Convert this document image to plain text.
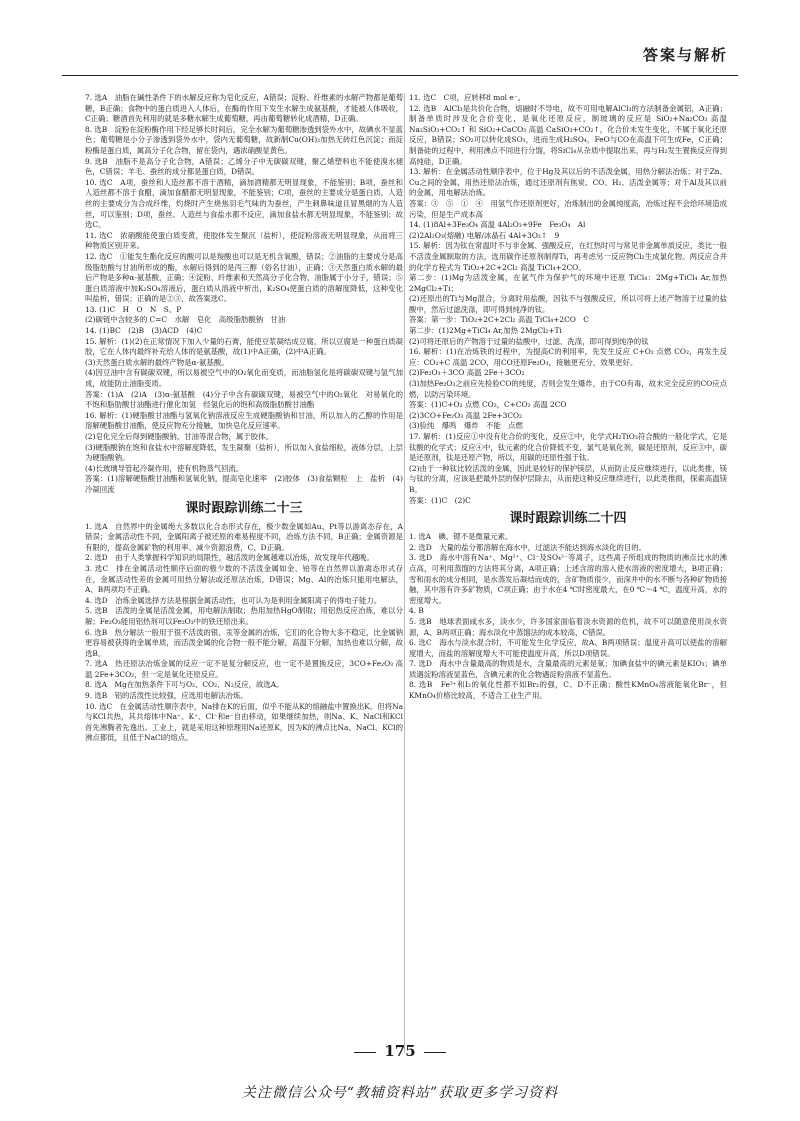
答案与解析

7. 选A　油脂在碱性条件下的水解反应称为皂化反应，A错误；淀粉、纤维素的水解产物都是葡萄糖，B正确；食物中的蛋白质进入人体后，在酶的作用下发生水解生成氨基酸，才能被人体吸收，C正确；糖酒首先利用的就是多糖水解生成葡萄糖，再由葡萄糖转化成酒精，D正确。

8. 选B　淀粉在淀粉酶作用下经足够长时间后，完全水解为葡萄糖渗透到袋外水中，故碘水不显蓝色；葡萄糖是小分子渗透到袋外水中，袋内无葡萄糖，故新制Cu(OH)₂加热无砖红色沉淀；而淀粉酶是蛋白质，属高分子化合物，留在袋内，遇浓硝酸显黄色。

9. 选B　油脂不是高分子化合物，A错误；乙烯分子中无碳碳双键，聚乙烯塑料也不能使溴水褪色，C错误；羊毛、蚕丝的成分都是蛋白质，D错误。

10. 选C　A项，蚕丝和人造丝都不溶于酒精，滴加酒精都无明显现象，不能鉴别；B项，蚕丝和人造丝都不溶于食醋，滴加食醋都无明显现象，不能鉴别；C项，蚕丝的主要成分是蛋白质，人造丝的主要成分为合成纤维，灼烧时产生烧焦羽毛气味的为蚕丝，产生刺鼻味道且冒黑烟的为人造丝，可以鉴别；D项，蚕丝、人造丝与食盐水都不反应，滴加食盐水都无明显现象，不能鉴别；故选C。

11. 选C　浓硝酸能使蛋白质变黄，使胶体发生聚沉（盐析），使淀粉溶液无明显现象，从而将三种物质区别开来。

12. 选C　①能发生酯化反应的酸可以是羧酸也可以是无机含氧酸，错误；②油脂的主要成分是高级脂肪酸与甘油所形成的酯，水解后得到的是丙三醇（俗名甘油），正确；③天然蛋白质水解的最后产物是多种α-氨基酸，正确；④淀粉、纤维素和天然高分子化合物，油脂属于小分子，错误；⑤蛋白质溶液中加K₂SO₄溶液后，蛋白质从溶液中析出，K₂SO₄使蛋白质的溶解度降低，这种变化叫盐析，错误；正确的是②③，故答案选C。

13. (1)C　H　O　N　S、P

(2)碳链中含较多的 C=C　水解　皂化　高级脂肪酸钠　甘油

14. (1)BC　(2)B　(3)ACD　(4)C

15. 解析：(1)(2)在正常情况下加入少量的石膏，能使豆浆凝结成豆腐，所以豆腐是一种蛋白质凝胶，它在人体内最终补充给人体的是氨基酸，故(1)中A正确，(2)中A正确。

(3)天然蛋白质水解的最终产物是α-氨基酸。

(4)因豆油中含有碳碳双键，所以易被空气中的O₂氧化而变质，而油脂氢化是将碳碳双键与氢气加成，故能防止油脂变质。

答案：(1)A　(2)A　(3)α-氨基酸　(4)分子中含有碳碳双键，易被空气中的O₂氧化　对易氧化的不饱和脂肪酸甘油酯进行催化加氢　经氢化后的饱和高级脂肪酸甘油酯

16. 解析：(1)硬脂酸甘油酯与氢氧化钠溶液反应生成硬脂酸钠和甘油，所以加入的乙醇的作用是溶解硬脂酸甘油酯，使反应物充分接触，加快皂化反应速率。

(2)皂化完全后得到硬脂酸钠、甘油等混合物，属于胶体。

(3)硬脂酸钠在饱和食盐水中溶解度降低，发生凝聚（盐析），所以加入食盐细粒，液体分层，上层为硬脂酸钠。

(4)长玻璃导管起冷凝作用，使有机物蒸气回流。

答案：(1)溶解硬脂酸甘油酯和氢氧化钠，提高皂化速率　(2)胶体　(3)食盐颗粒　上　盐析　(4)冷凝回流

课时跟踪训练二十三

1. 选A　自然界中的金属绝大多数以化合态形式存在，极少数金属如Au、Pt等以游离态存在，A错误；金属活动性不同，金属阳离子被还原的难易程度不同，冶炼方法不同，B正确；金属资源是有限的，提高金属矿物的利用率、减少资源浪费，C、D正确。

2. 选D　由于人类掌握科学知识的局限性，越活泼的金属越难以冶炼，故发现年代越晚。

3. 选C　排在金属活动性顺序后面的极少数的不活泼金属如金、铂等在自然界以游离态形式存在，金属活动性差的金属可用热分解法或还原法冶炼，D错误；Mg、Al的冶炼只能用电解法，A、B两项均不正确。

4. 选D　冶炼金属选择方法是根据金属活动性，也可认为是利用金属阳离子的得电子能力。

5. 选B　活泼的金属是活泼金属，用电解法制取；热用加热HgO制取；用铝热反应冶炼，难以分解；Fe₂O₃能用铝热剂可以Fe₂O₃中的铁还原出来。

6. 选B　热分解法一般用于很不活泼的银、汞等金属的冶炼，它们的化合物大多不稳定，比金属钠更容易被获得的金属单质，而活泼金属的化合物一般不能分解，高温下分解，加热也难以分解，故选B。

7. 选A　热还原法冶炼金属的反应一定不是复分解反应，也一定不是置换反应，3CO+Fe₂O₃ 高温 2Fe+3CO₂，但一定是氧化还原反应。

8. 选A　Mg在加热条件下可与O₂、CO₂、N₂反应，故选A。

9. 选B　铝的活泼性比较强，应选用电解法冶炼。

10. 选C　在金属活动性顺序表中，Na排在K的后面，似乎不能从K的熔融盐中置换出K。但将Na与KCl共热，其共熔体中Na⁺、K⁺、Cl⁻和e⁻自由移动，如果继续加热，则Na、K、NaCl和KCl首先沸腾者先逸出。工业上，就是采用这种原理用Na还原K，因为K的沸点比Na、NaCl、KCl的沸点都低，且低于NaCl的熔点。

11. 选C　C项，应转移8 mol e⁻。

12. 选B　AlCl₃是共价化合物，熔融时不导电，故不可用电解AlCl₃的方法制备金属铝，A正确；制备单质时涉及化合价变化，是氧化还原反应，制玻璃的反应是 SiO₂+Na₂CO₃ 高温 Na₂SiO₃+CO₂↑ 和 SiO₂+CaCO₃ 高温 CaSiO₃+CO₂↑，化合价未发生变化，不属于氧化还原反应，B错误；SO₂可以转化成SO₃，进而生成H₂SO₄，FeO与CO在高温下可生成Fe，C正确；制备硅的过程中，利用沸点不同进行分馏，将SiCl₄从杂质中提取出来，再与H₂发生置换反应得到高纯硅，D正确。

13. 解析：在金属活动性顺序表中，位于Hg及其以后的不活泼金属，用热分解法冶炼；对于Zn、Cu之间的金属，用热还原法冶炼，通过还原剂有焦炭、CO、H₂、活泼金属等；对于Al及其以前的金属，用电解法冶炼。

答案：③　⑤　①　④　用氢气作还原剂更好，冶炼制出的金属纯度高，冶炼过程不会给环境造成污染，但是生产成本高

14. (1)8Al+3Fe₃O₄ 高温 4Al₂O₃+9Fe　Fe₃O₄　Al

(2)2Al₂O₃(熔融) 电解/冰晶石 4Al+3O₂↑　9

15. 解析：因为钛在常温时不与非金属、强酸反应，在红热时可与常见非金属单质反应，类比一般不活泼金属制取的方法，选用碳作还原剂制得Ti，再考虑另一反应物Cl₂生成氯化物。两反应合并的化学方程式为 TiO₂+2C+2Cl₂ 高温 TiCl₄+2CO。

第二步：(1)Mg为活泼金属，在氩气作为保护气的环境中还原 TiCl₄：2Mg+TiCl₄ Ar,加热 2MgCl₂+Ti；

(2)还原出的Ti与Mg混合，分离时用盐酸，因钛不与强酸反应，所以可将上述产物溶于过量的盐酸中，然后过滤洗涤，即可得到纯净的钛。

答案：第一步：TiO₂+2C+2Cl₂ 高温 TiCl₄+2CO　C

第二步：(1)2Mg+TiCl₄ Ar,加热 2MgCl₂+Ti

(2)可将还原后的产物溶于过量的盐酸中，过滤、洗涤，即可得到纯净的钛

16. 解析：(1)在冶炼铁的过程中，为提高C的利用率，先发生反应 C+O₂ 点燃 CO₂，再发生反应：CO₂+C 高温 2CO，用CO还原Fe₂O₃，接触更充分，效果更好。

(2)Fe₂O₃＋3CO 高温 2Fe＋3CO₂

(3)加热Fe₂O₃之前应先检验CO的纯度，否则会发生爆炸，由于CO有毒，故未完全反应的CO应点燃，以防污染环境。

答案：(1)C+O₂ 点燃 CO₂，C+CO₂ 高温 2CO

(2)3CO+Fe₂O₃ 高温 2Fe+3CO₂

(3)验纯　爆鸣　爆炸　不能　点燃

17. 解析：(1)反应①中没有化合价的变化，反应②中，化学式H₂TiO₃符合酸的一般化学式，它是钛酸的化学式；反应④中，钛元素的化合价降低不变，氯气是氧化剂，碳是还原剂，反应③中，碳是还原剂，钛是还原产物，所以，用碳的还原性强于钛。

(2)由于一种钛比较活泼的金属，因此是较好的保护镁层，从而防止反应继续进行，以此类推，镁与钛的分离，应该是把最外层的保护层除去，从而使这种反应继续进行，以此类推损，探索高温镁B。

答案：(1)C　(2)C

课时跟踪训练二十四

1. 选A　碘、锶不是微量元素。

2. 选D　大量的盐分都溶解在海水中，过滤法不能达到海水淡化的目的。

3. 选D　海水中溶有Na⁺、Mg²⁺、Cl⁻及SO₄²⁻等离子，这些离子所组成的物质的沸点比水的沸点高，可利用蒸馏的方法将其分离，A项正确；上述含溶的溶入使水溶液的密度增大，B项正确；雪和雨水的成分相同，是水蒸发后凝结而成的，含矿物质很少，而深井中的水不断与各种矿物质接触，其中溶有许多矿物质，C项正确；由于水在4 ℃时密度最大，在0 ℃～4 ℃，温度升高，水的密度增大。

4. B

5. 选B　地球表面咸水多，淡水少，许多国家面临着淡水资源的危机，故不可以随意使用淡水资源，A、B两项正确；海水淡化中蒸馏法的成本较高，C错误。

6. 选C　海水与淡水混合时，不可能发生化学反应，故A、B两项错误；温度升高可以使盐的溶解度增大，而盐的溶解度增大不可能使温度升高，所以D项错误。

7. 选D　海水中含量最高的物质是水，含量最高的元素是氧；加碘食盐中的碘元素是KIO₃；碘单质遇淀粉溶液显蓝色，含碘元素的化合物遇淀粉溶液不显蓝色。

8. 选B　Fe³⁺和I₂的氧化性都不如Br₂的强，C、D不正确；酸性KMnO₄溶液能氧化Br⁻，但KMnO₄价格比较高，不适合工业生产用。

175
关注微信公众号“教辅资料站”获取更多学习资料
